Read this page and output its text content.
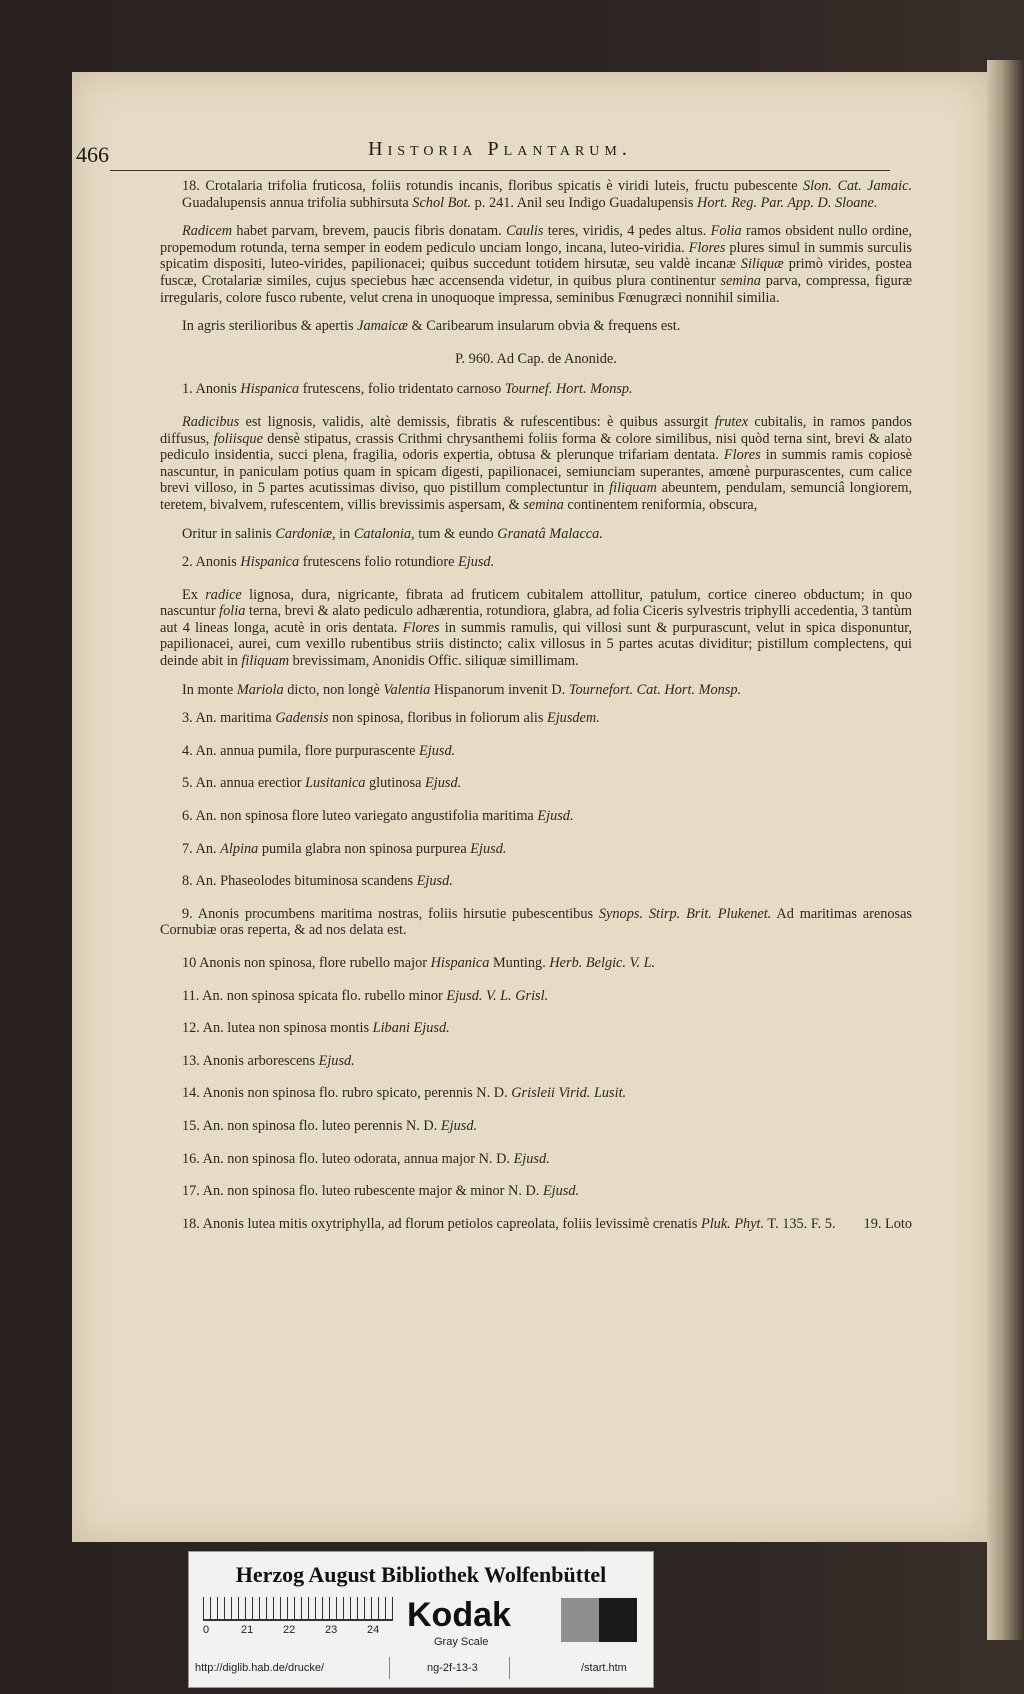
466	Historia Plantarum.

18. Crotalaria trifolia fruticosa, foliis rotundis incanis, floribus spicatis è viridi luteis, fructu pubescente Slon. Cat. Jamaic. Guadalupensis annua trifolia subhirsuta Schol Bot. p. 241. Anil seu Indigo Guadalupensis Hort. Reg. Par. App. D. Sloane.

Radicem habet parvam, brevem, paucis fibris donatam. Caulis teres, viridis, 4 pedes altus. Folia ramos obsident nullo ordine, propemodum rotunda, terna semper in eodem pediculo unciam longo, incana, luteo-viridia. Flores plures simul in summis surculis spicatim dispositi, luteo-virides, papilionacei; quibus succedunt totidem hirsutæ, seu valdè incanæ Siliquæ primò virides, postea fuscæ, Crotalariæ similes, cujus speciebus hæc accensenda videtur, in quibus plura continentur semina parva, compressa, figuræ irregularis, colore fusco rubente, velut crena in unoquoque impressa, seminibus Fœnugræci nonnihil similia.

In agris sterilioribus & apertis Jamaicæ & Caribearum insularum obvia & frequens est.

P. 960. Ad Cap. de Anonide.

1. Anonis Hispanica frutescens, folio tridentato carnoso Tournef. Hort. Monsp.

Radicibus est lignosis, validis, altè demissis, fibratis & rufescentibus: è quibus assurgit frutex cubitalis, in ramos pandos diffusus, foliisque densè stipatus, crassis Crithmi chrysanthemi foliis forma & colore similibus, nisi quòd terna sint, brevi & alato pediculo insidentia, succi plena, fragilia, odoris expertia, obtusa & plerunque trifariam dentata. Flores in summis ramis copiosè nascuntur, in paniculam potius quam in spicam digesti, papilionacei, semiunciam superantes, amœnè purpurascentes, cum calice brevi villoso, in 5 partes acutissimas diviso, quo pistillum complectuntur in filiquam abeuntem, pendulam, semunciâ longiorem, teretem, bivalvem, rufescentem, villis brevissimis aspersam, & semina continentem reniformia, obscura,

Oritur in salinis Cardoniæ, in Catalonia, tum & eundo Granatâ Malacca.

2. Anonis Hispanica frutescens folio rotundiore Ejusd.

Ex radice lignosa, dura, nigricante, fibrata ad fruticem cubitalem attollitur, patulum, cortice cinereo obductum; in quo nascuntur folia terna, brevi & alato pediculo adhærentia, rotundiora, glabra, ad folia Ciceris sylvestris triphylli accedentia, 3 tantùm aut 4 lineas longa, acutè in oris dentata. Flores in summis ramulis, qui villosi sunt & purpurascunt, velut in spica disponuntur, papilionacei, aurei, cum vexillo rubentibus striis distincto; calix villosus in 5 partes acutas dividitur; pistillum complectens, qui deinde abit in filiquam brevissimam, Anonidis Offic. siliquæ simillimam.

In monte Mariola dicto, non longè Valentia Hispanorum invenit D. Tournefort. Cat. Hort. Monsp.

3. An. maritima Gadensis non spinosa, floribus in foliorum alis Ejusdem.

4. An. annua pumila, flore purpurascente Ejusd.

5. An. annua erectior Lusitanica glutinosa Ejusd.

6. An. non spinosa flore luteo variegato angustifolia maritima Ejusd.

7. An. Alpina pumila glabra non spinosa purpurea Ejusd.

8. An. Phaseolodes bituminosa scandens Ejusd.

9. Anonis procumbens maritima nostras, foliis hirsutie pubescentibus Synops. Stirp. Brit. Plukenet. Ad maritimas arenosas Cornubiæ oras reperta, & ad nos delata est.

10 Anonis non spinosa, flore rubello major Hispanica Munting. Herb. Belgic. V. L.

11. An. non spinosa spicata flo. rubello minor Ejusd. V. L. Grisl.

12. An. lutea non spinosa montis Libani Ejusd.

13. Anonis arborescens Ejusd.

14. Anonis non spinosa flo. rubro spicato, perennis N. D. Grisleii Virid. Lusit.

15. An. non spinosa flo. luteo perennis N. D. Ejusd.

16. An. non spinosa flo. luteo odorata, annua major N. D. Ejusd.

17. An. non spinosa flo. luteo rubescente major & minor N. D. Ejusd.

18. Anonis lutea mitis oxytriphylla, ad florum petiolos capreolata, foliis levissimè crenatis Pluk. Phyt. T. 135. F. 5.	19. Loto

Herzog August Bibliothek Wolfenbüttel
0	21	22	23	24 Kodak
Gray Scale
http://diglib.hab.de/drucke/	ng-2f-13-3	/start.htm
